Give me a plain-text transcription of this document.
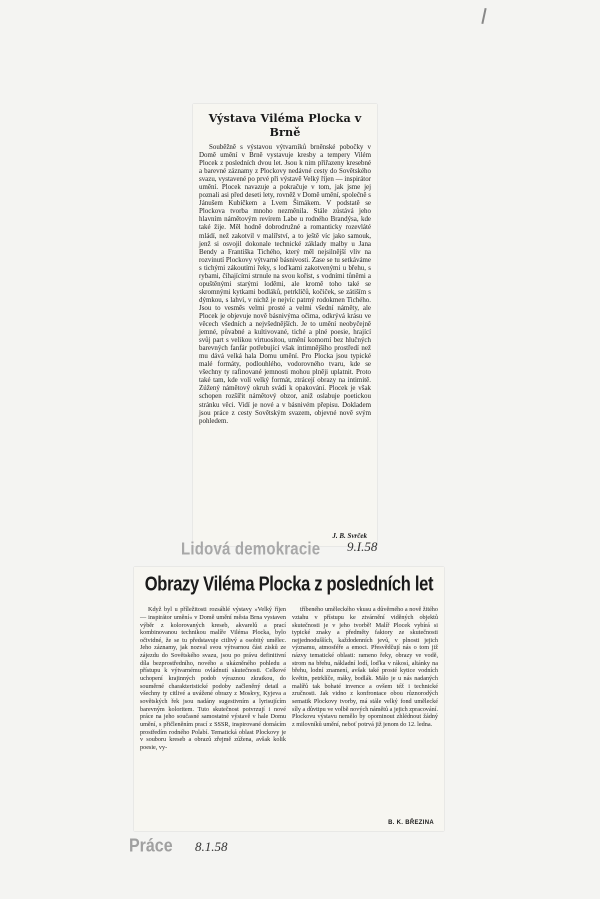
Výstava Viléma Plocka v Brně

Souběžně s výstavou výtvarníků brněnské pobočky v Domě umění v Brně vystavuje kresby a tempery Vilém Plocek z posledních dvou let. Jsou k nim přiřazeny kresebné a barevné záznamy z Plockovy nedávné cesty do Sovětského svazu, vystavené po prvé při výstavě Velký říjen — inspirátor umění. Plocek navazuje a pokračuje v tom, jak jsme jej poznali asi před deseti lety, rovněž v Domě umění, společně s Jánušem Kubíčkem a Lvem Šimákem. V podstatě se Plockova tvorba mnoho nezměnila. Stále zůstává jeho hlavním námětovým revírem Labe u rodného Brandýsa, kde také žije. Měl hodně dobrodružné a romanticky rozevláté mládí, než zakotvil v malířství, a to ještě víc jako samouk, jenž si osvojil dokonale technické základy malby u Jana Bendy a Františka Tichého, který měl nejsilnější vliv na rozvinutí Plockovy výtvarné básnivosti. Zase se tu setkáváme s tichými zákoutími řeky, s loďkami zakotvenými u břehu, s rybami, číhajícími strnule na svou kořist, s vodními tůněmi a opuštěnými starými loděmi, ale kromě toho také se skromnými kytkami bodláků, petrklíčů, kočiček, se zátiším s dýmkou, s lahví, v nichž je nejvíc patrný rodokmen Tichého. Jsou to vesměs velmi prosté a velmi všední náměty, ale Plocek je objevuje nově básnivýma očima, odkrývá krásu ve věcech všedních a nejvšednějších. Je to umění neobyčejně jemné, půvabné a kultivované, tiché a plné poesie, hrající svůj part s velikou virtuositou, umění komorní bez hlučných barevných fanfár potřebující však intimnějšího prostředí než mu dává velká hala Domu umění. Pro Plocka jsou typické malé formáty, podlouhlého, vodorovného tvaru, kde se všechny ty rafinované jemnosti mohou plněji uplatnit. Proto také tam, kde volí velký formát, ztrácejí obrazy na intimitě. Zúžený námětový okruh svádí k opakování. Plocek je však schopen rozšířit námětový obzor, aniž oslabuje poetickou stránku věci. Vidí je nové a v básnivém přepisu. Dokladem jsou práce z cesty Sovětským svazem, objevné nově svým pohledem.

J. B. Svrček
Lidová demokracie 9.I.58
Obrazy Viléma Plocka z posledních let

Když byl u příležitosti rozsáhlé výstavy »Velký říjen — inspirátor umění« v Domě umění města Brna vystaven výběr z kolorovaných kreseb, akvarelů a prací kombinovanou technikou malíře Viléma Plocka, bylo očividné, že se tu představuje citlivý a osobitý umělec. Jeho záznamy, jak nozval svou výtvarnou část zisků ze zájezdu do Sovětského svazu, jsou po právu definitivní díla bezprostředního, nového a ukázněného pohledu a přístupu k výtvarnému ovládnutí skutečnosti. Celkové uchopení krajinných podob výraznou zkratkou, do souměrné charakteristické podoby začleněný detail a všechny ty citlivé a uvážené obrazy z Moskvy, Kyjeva a sovětských řek jsou nadány sugestivním a lyrisujícím barevným koloritem. Tuto skutečnost potvrzují i nové práce na jeho současné samostatné výstavě v hale Domu umění, s přičleněním prací z SSSR, inspirované domácím prostředím rodného Polabí. Tematická oblast Plockovy je v souboru kreseb a obrazů zřejmě zúžena, avšak kolik poesie, vy-

tříbeného uměleckého vkusu a důvěrného a nově žitého vztahu v přístupu ke ztvárnění viděných objektů skutečnosti je v jeho tvorbě! Malíř Plocek vybírá si typické znaky a předměty faktory ze skutečnosti nejjednodušších, každodenních jevů, v plnosti jejich významu, atmosféře a emoci. Přesvědčují nás o tom již názvy tematické oblasti: rameno řeky, obrazy ve vodě, strom na břehu, nákladní lodí, loďka v rákosí, altánky na břehu, lodní znamení, avšak také prosté kytice vodních květin, petrklíče, máky, bodlák. Málo je u nás nadaných malířů tak bohaté invence a ovšem též i technické zručnosti. Jak vidno z konfrontace obou různorodých sematik Plockovy tvorby, má stále velký fond umělecké síly a důvtipu ve volbě nových námětů a jejich zpracování. Plockovu výstavu nemělo by opominout zhlédnout žádný z milovníků umění, neboť potrvá již jenom do 12. ledna.

B. K. BŘEZINA
Práce 8.1.58
